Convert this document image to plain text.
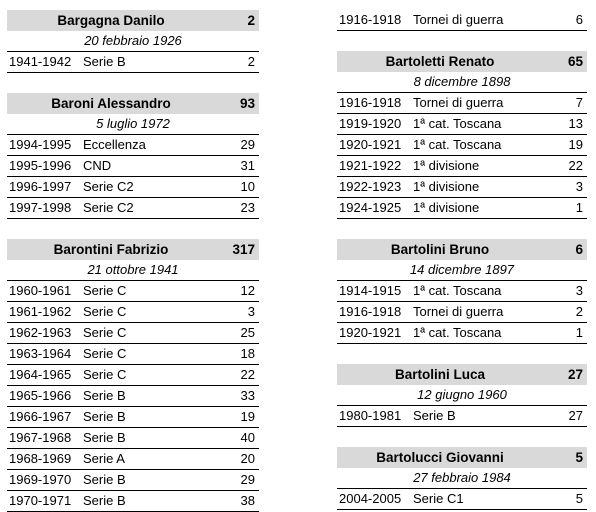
Bargagna Danilo	2
20 febbraio 1926
1941-1942 Serie B	2
Baroni Alessandro	93
5 luglio 1972
1994-1995 Eccellenza	29
1995-1996 CND	31
1996-1997 Serie C2	10
1997-1998 Serie C2	23
Barontini Fabrizio	317
21 ottobre 1941
1960-1961 Serie C	12
1961-1962 Serie C	3
1962-1963 Serie C	25
1963-1964 Serie C	18
1964-1965 Serie C	22
1965-1966 Serie B	33
1966-1967 Serie B	19
1967-1968 Serie B	40
1968-1969 Serie A	20
1969-1970 Serie B	29
1970-1971 Serie B	38
1916-1918 Tornei di guerra	6
Bartoletti Renato	65
8 dicembre 1898
1916-1918 Tornei di guerra	7
1919-1920 1ª cat. Toscana	13
1920-1921 1ª cat. Toscana	19
1921-1922 1ª divisione	22
1922-1923 1ª divisione	3
1924-1925 1ª divisione	1
Bartolini Bruno	6
14 dicembre 1897
1914-1915 1ª cat. Toscana	3
1916-1918 Tornei di guerra	2
1920-1921 1ª cat. Toscana	1
Bartolini Luca	27
12 giugno 1960
1980-1981 Serie B	27
Bartolucci Giovanni	5
27 febbraio 1984
2004-2005 Serie C1	5
